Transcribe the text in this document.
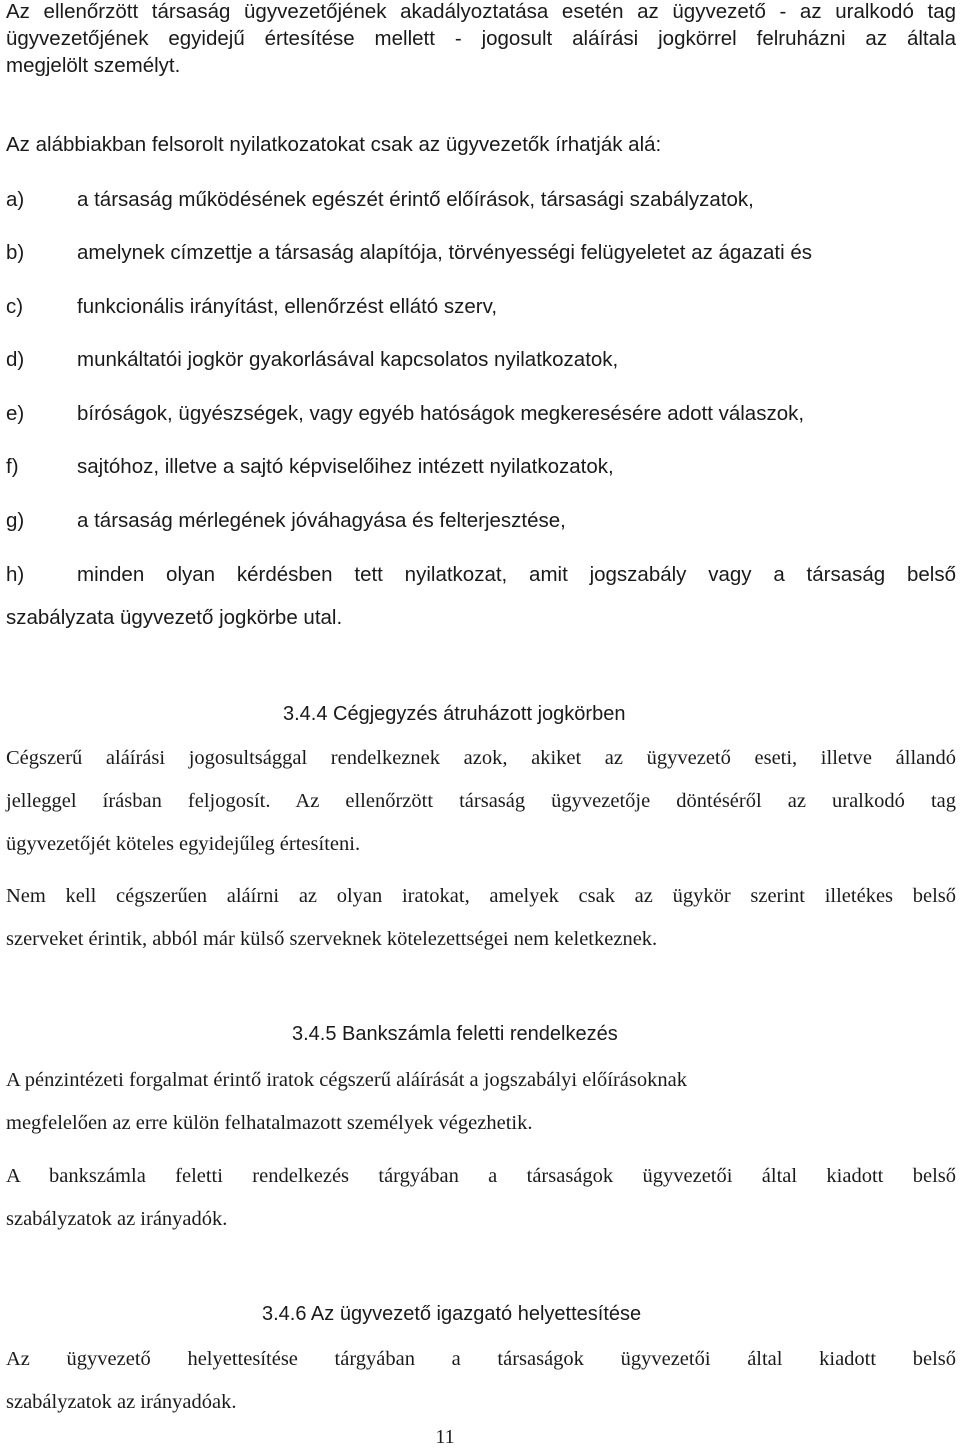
Az ellenőrzött társaság ügyvezetőjének akadályoztatása esetén az ügyvezető - az uralkodó tag
ügyvezetőjének egyidejű értesítése mellett - jogosult aláírási jogkörrel felruházni az általa
megjelölt személyt.
Az alábbiakban felsorolt nyilatkozatokat csak az ügyvezetők írhatják alá:
a)	a társaság működésének egészét érintő előírások, társasági szabályzatok,
b)	amelynek címzettje a társaság alapítója, törvényességi felügyeletet az ágazati és
c)	funkcionális irányítást, ellenőrzést ellátó szerv,
d)	munkáltatói jogkör gyakorlásával kapcsolatos nyilatkozatok,
e)	bíróságok, ügyészségek, vagy egyéb hatóságok megkeresésére adott válaszok,
f)	sajtóhoz, illetve a sajtó képviselőihez intézett nyilatkozatok,
g)	a társaság mérlegének jóváhagyása és felterjesztése,
h)	minden olyan kérdésben tett nyilatkozat, amit jogszabály vagy a társaság belső
szabályzata ügyvezető jogkörbe utal.
3.4.4 Cégjegyzés átruházott jogkörben
Cégszerű aláírási jogosultsággal rendelkeznek azok, akiket az ügyvezető eseti, illetve állandó
jelleggel írásban feljogosít. Az ellenőrzött társaság ügyvezetője döntéséről az uralkodó tag
ügyvezetőjét köteles egyidejűleg értesíteni.
Nem kell cégszerűen aláírni az olyan iratokat, amelyek csak az ügykör szerint illetékes belső
szerveket érintik, abból már külső szerveknek kötelezettségei nem keletkeznek.
3.4.5 Bankszámla feletti rendelkezés
A pénzintézeti forgalmat érintő iratok cégszerű aláírását a jogszabályi előírásoknak
megfelelően az erre külön felhatalmazott személyek végezhetik.
A bankszámla feletti rendelkezés tárgyában a társaságok ügyvezetői által kiadott belső
szabályzatok az irányadók.
3.4.6 Az ügyvezető igazgató helyettesítése
Az ügyvezető helyettesítése tárgyában a társaságok ügyvezetői által kiadott belső
szabályzatok az irányadóak.
11
